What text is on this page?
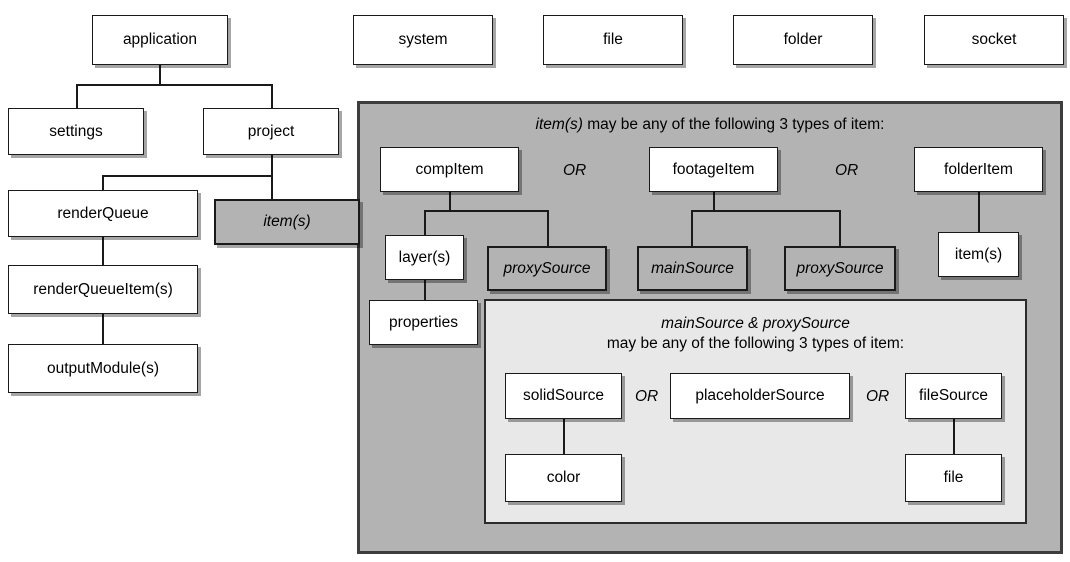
application
settings	project
renderQueue
renderQueueItem(s)
outputModule(s)
item(s)
system	file	folder	socket
item(s) may be any of the following 3 types of item:
compItem	footageItem	folderItem
layer(s)
properties
proxySource	mainSource	proxySource
item(s)
OR	OR
mainSource & proxySource
may be any of the following 3 types of item:
solidSource	placeholderSource	fileSource
color	file
OR	OR
